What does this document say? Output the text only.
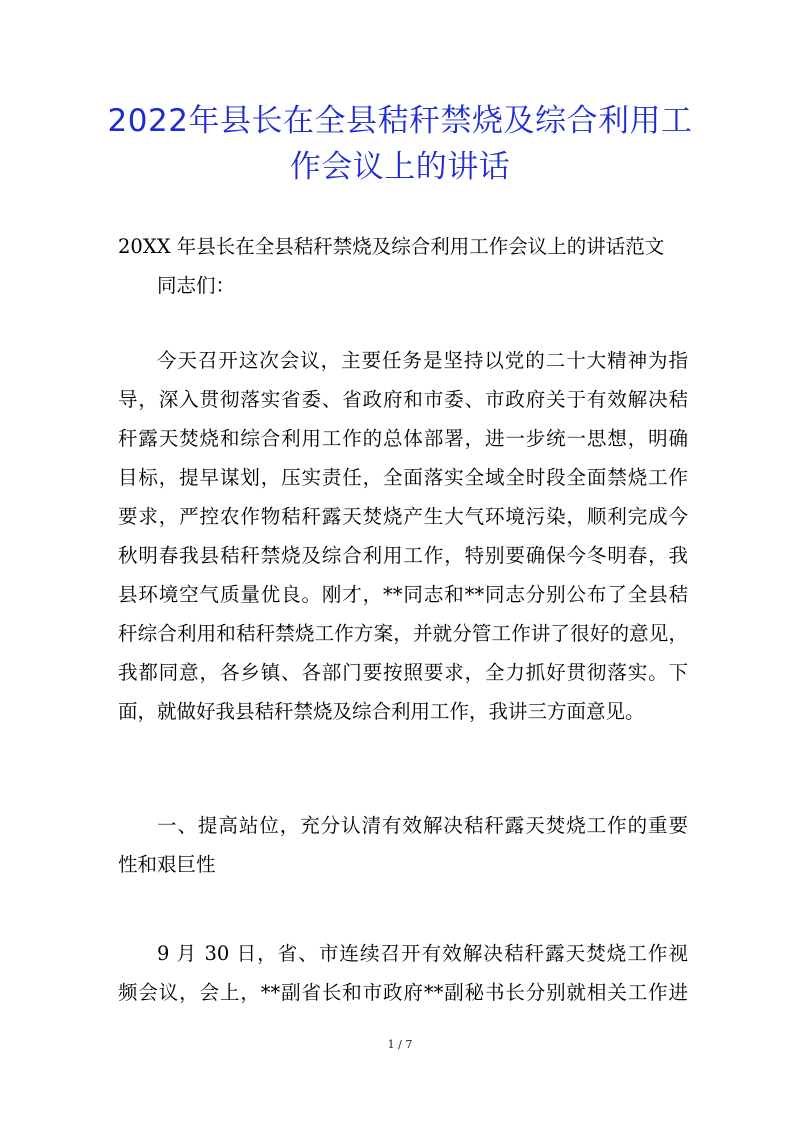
2022年县长在全县秸秆禁烧及综合利用工
作会议上的讲话
20XX 年县长在全县秸秆禁烧及综合利用工作会议上的讲话范文
同志们：
今天召开这次会议，主要任务是坚持以党的二十大精神为指
导，深入贯彻落实省委、省政府和市委、市政府关于有效解决秸
秆露天焚烧和综合利用工作的总体部署，进一步统一思想，明确
目标，提早谋划，压实责任，全面落实全域全时段全面禁烧工作
要求，严控农作物秸秆露天焚烧产生大气环境污染，顺利完成今
秋明春我县秸秆禁烧及综合利用工作，特别要确保今冬明春，我
县环境空气质量优良。刚才，**同志和**同志分别公布了全县秸
秆综合利用和秸秆禁烧工作方案，并就分管工作讲了很好的意见，
我都同意，各乡镇、各部门要按照要求，全力抓好贯彻落实。下
面，就做好我县秸秆禁烧及综合利用工作，我讲三方面意见。
一、提高站位，充分认清有效解决秸秆露天焚烧工作的重要
性和艰巨性
9 月 30 日，省、市连续召开有效解决秸秆露天焚烧工作视
频会议，会上，**副省长和市政府**副秘书长分别就相关工作进
1 / 7
